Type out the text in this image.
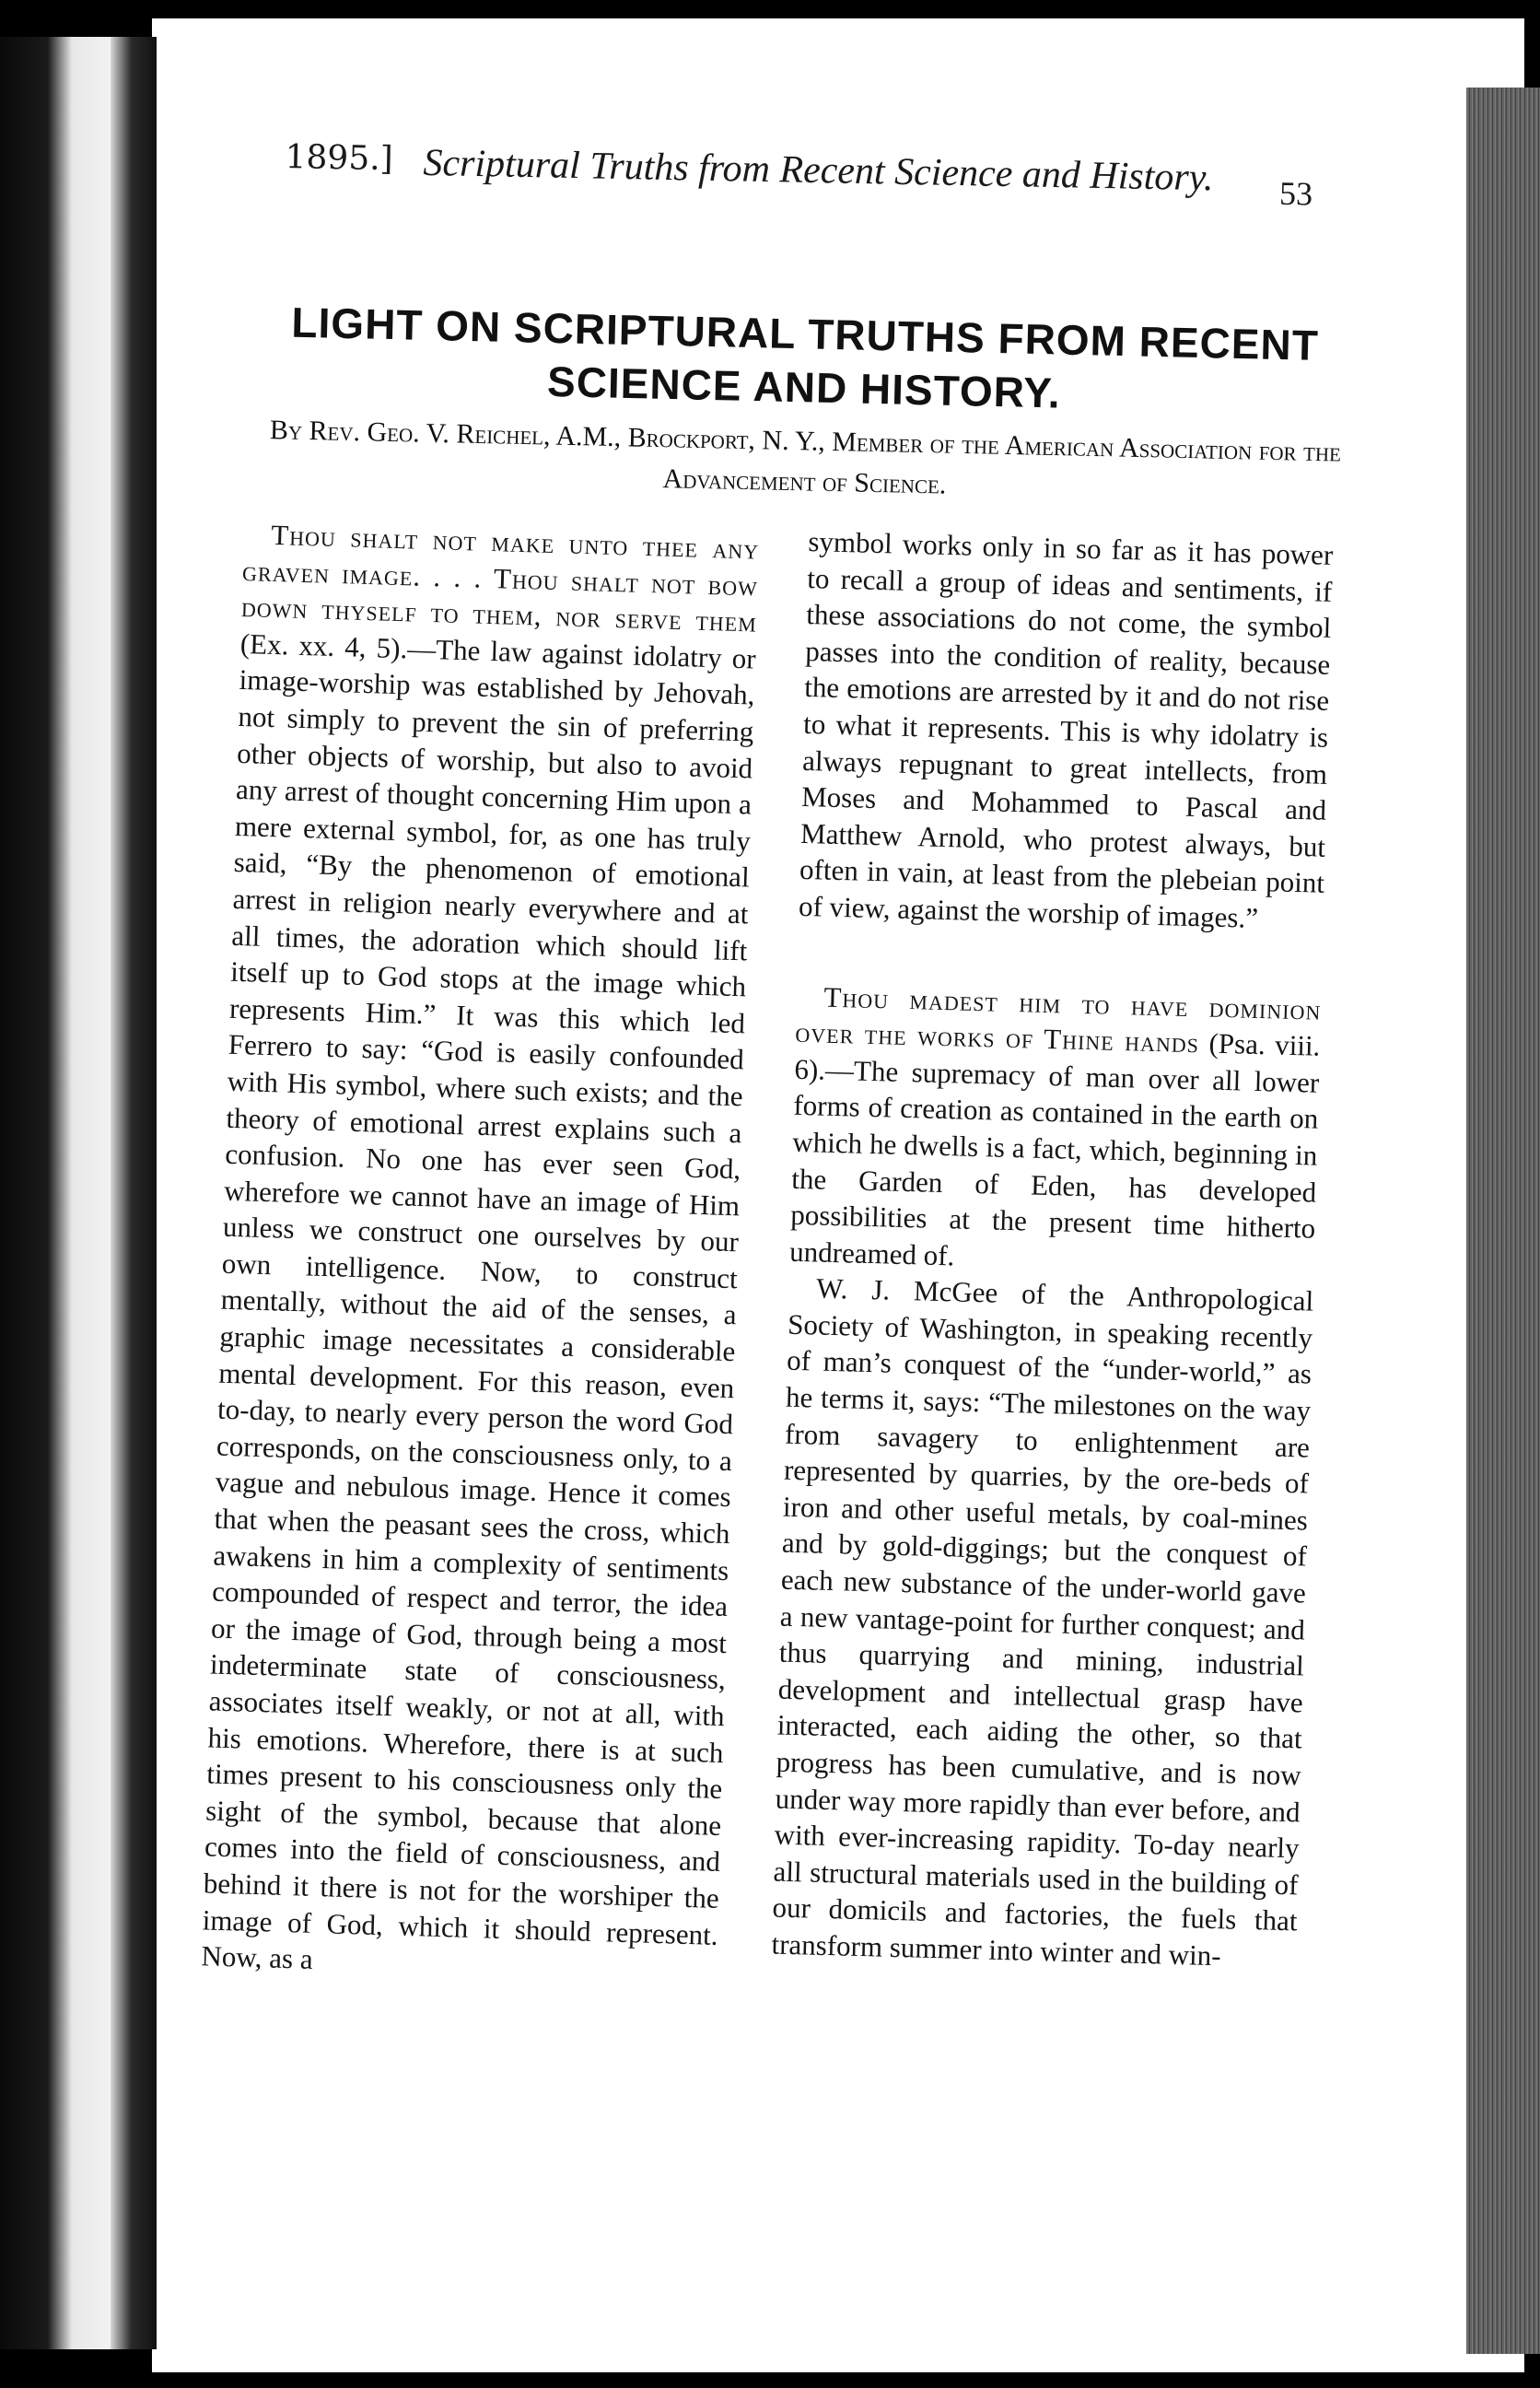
1895.] Scriptural Truths from Recent Science and History. 53
LIGHT ON SCRIPTURAL TRUTHS FROM RECENT SCIENCE AND HISTORY.
By Rev. Geo. V. Reichel, A.M., Brockport, N. Y., Member of the American Association for the Advancement of Science.

Thou shalt not make unto thee any graven image. . . . Thou shalt not bow down thyself to them, nor serve them (Ex. xx. 4, 5).—The law against idolatry or image-worship was established by Jehovah, not simply to prevent the sin of preferring other objects of worship, but also to avoid any arrest of thought concerning Him upon a mere external symbol, for, as one has truly said, “By the phenomenon of emotional arrest in religion nearly everywhere and at all times, the adoration which should lift itself up to God stops at the image which represents Him.” It was this which led Ferrero to say: “God is easily confounded with His symbol, where such exists; and the theory of emotional arrest explains such a confusion. No one has ever seen God, wherefore we cannot have an image of Him unless we construct one ourselves by our own intelligence. Now, to construct mentally, without the aid of the senses, a graphic image necessitates a considerable mental development. For this reason, even to-day, to nearly every person the word God corresponds, on the consciousness only, to a vague and nebulous image. Hence it comes that when the peasant sees the cross, which awakens in him a complexity of sentiments compounded of respect and terror, the idea or the image of God, through being a most indeterminate state of consciousness, associates itself weakly, or not at all, with his emotions. Wherefore, there is at such times present to his consciousness only the sight of the symbol, because that alone comes into the field of consciousness, and behind it there is not for the worshiper the image of God, which it should represent. Now, as a

symbol works only in so far as it has power to recall a group of ideas and sentiments, if these associations do not come, the symbol passes into the condition of reality, because the emotions are arrested by it and do not rise to what it represents. This is why idolatry is always repugnant to great intellects, from Moses and Mohammed to Pascal and Matthew Arnold, who protest always, but often in vain, at least from the plebeian point of view, against the worship of images.”

Thou madest him to have dominion over the works of Thine hands (Psa. viii. 6).—The supremacy of man over all lower forms of creation as contained in the earth on which he dwells is a fact, which, beginning in the Garden of Eden, has developed possibilities at the present time hitherto undreamed of.

W. J. McGee of the Anthropological Society of Washington, in speaking recently of man’s conquest of the “under-world,” as he terms it, says: “The milestones on the way from savagery to enlightenment are represented by quarries, by the ore-beds of iron and other useful metals, by coal-mines and by gold-diggings; but the conquest of each new substance of the under-world gave a new vantage-point for further conquest; and thus quarrying and mining, industrial development and intellectual grasp have interacted, each aiding the other, so that progress has been cumulative, and is now under way more rapidly than ever before, and with ever-increasing rapidity. To-day nearly all structural materials used in the building of our domicils and factories, the fuels that transform summer into winter and win-
